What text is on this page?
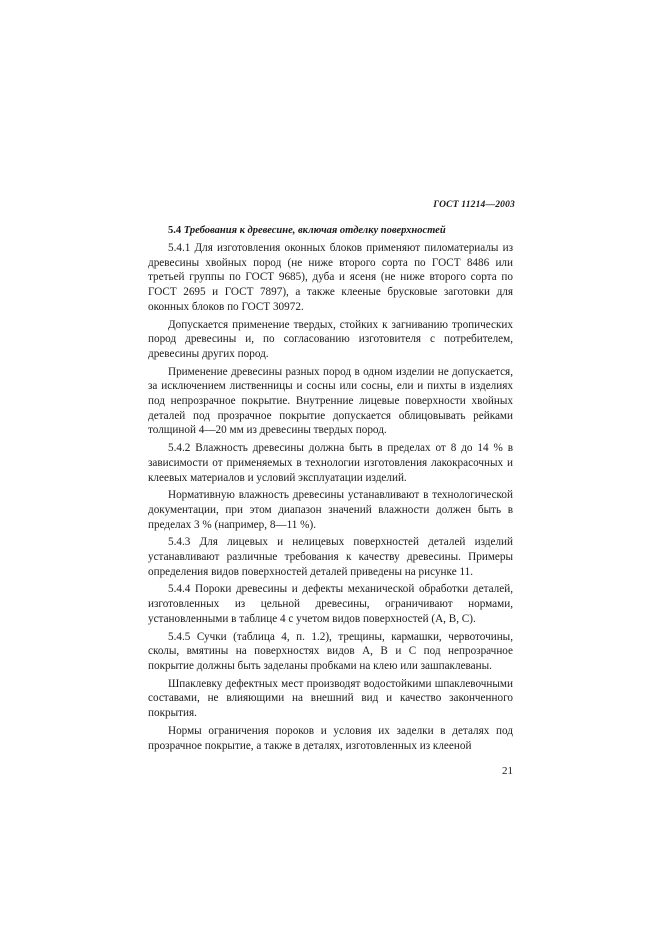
ГОСТ 11214—2003
5.4 Требования к древесине, включая отделку поверхностей

5.4.1 Для изготовления оконных блоков применяют пиломатериалы из древесины хвойных пород (не ниже второго сорта по ГОСТ 8486 или третьей группы по ГОСТ 9685), дуба и ясеня (не ниже второго сорта по ГОСТ 2695 и ГОСТ 7897), а также клееные брусковые заготовки для оконных блоков по ГОСТ 30972.

Допускается применение твердых, стойких к загниванию тропических пород древесины и, по согласованию изготовителя с потребителем, древесины других пород.

Применение древесины разных пород в одном изделии не допускается, за исключением лиственницы и сосны или сосны, ели и пихты в изделиях под непрозрачное покрытие. Внутренние лицевые поверхности хвойных деталей под прозрачное покрытие допускается облицовывать рейками толщиной 4—20 мм из древесины твердых пород.

5.4.2 Влажность древесины должна быть в пределах от 8 до 14 % в зависимости от применяемых в технологии изготовления лакокрасочных и клеевых материалов и условий эксплуатации изделий.

Нормативную влажность древесины устанавливают в технологической документации, при этом диапазон значений влажности должен быть в пределах 3 % (например, 8—11 %).

5.4.3 Для лицевых и нелицевых поверхностей деталей изделий устанавливают различные требования к качеству древесины. Примеры определения видов поверхностей деталей приведены на рисунке 11.

5.4.4 Пороки древесины и дефекты механической обработки деталей, изготовленных из цельной древесины, ограничивают нормами, установленными в таблице 4 с учетом видов поверхностей (А, В, С).

5.4.5 Сучки (таблица 4, п. 1.2), трещины, кармашки, червоточины, сколы, вмятины на поверхностях видов А, В и С под непрозрачное покрытие должны быть заделаны пробками на клею или зашпаклеваны.

Шпаклевку дефектных мест производят водостойкими шпаклевочными составами, не влияющими на внешний вид и качество законченного покрытия.

Нормы ограничения пороков и условия их заделки в деталях под прозрачное покрытие, а также в деталях, изготовленных из клееной

21
